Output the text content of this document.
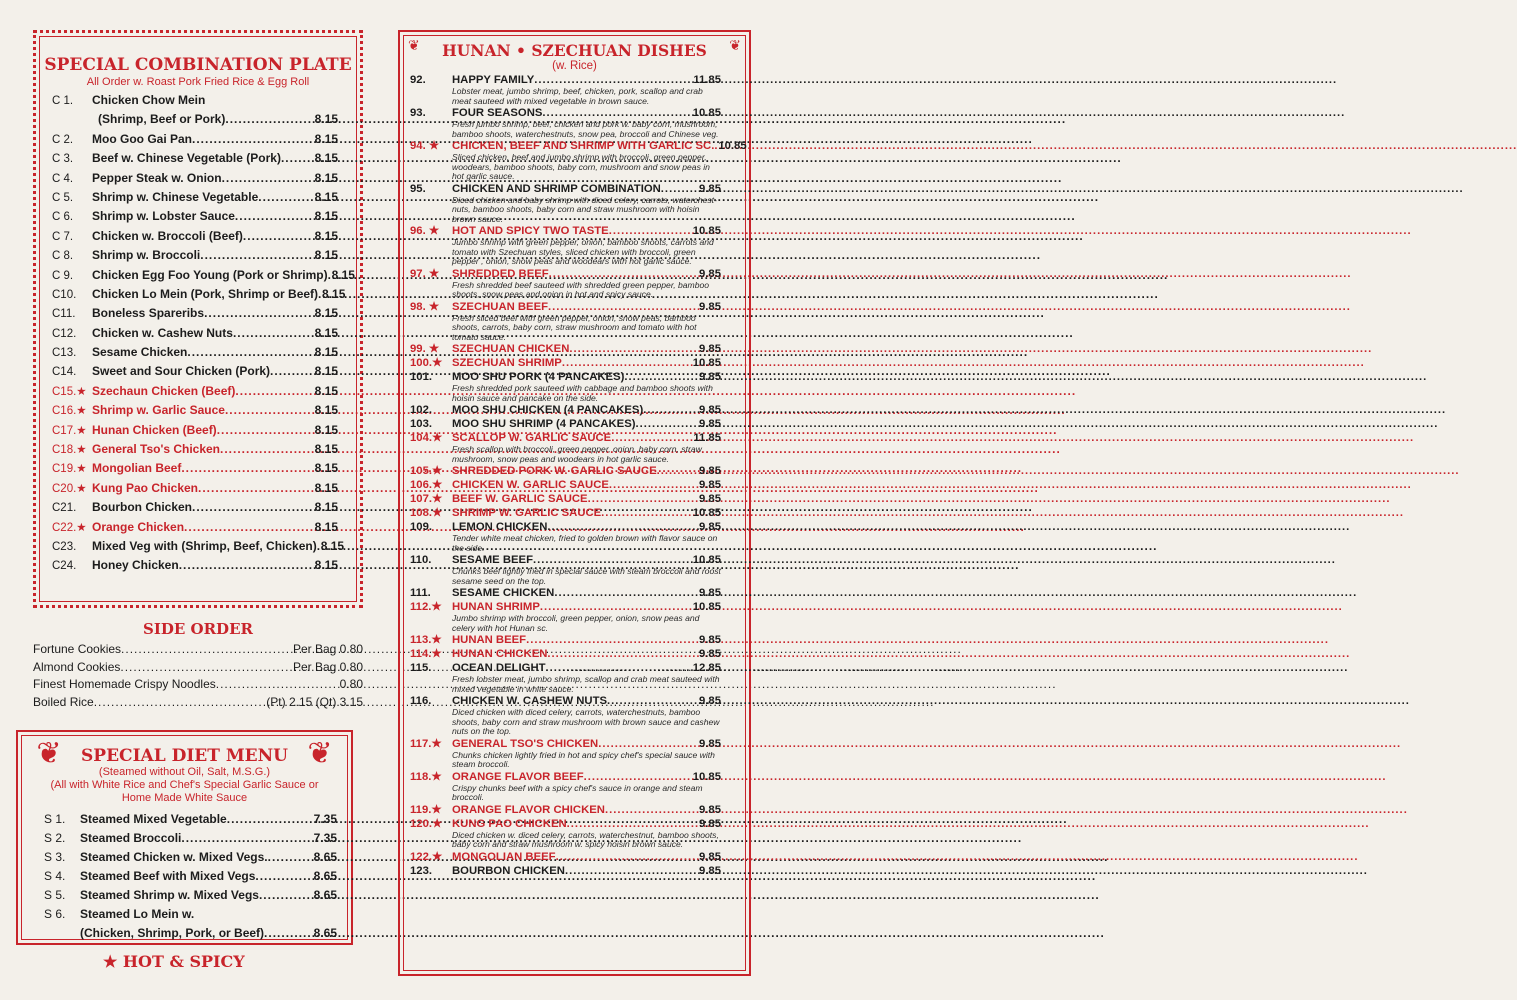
SPECIAL COMBINATION PLATE
All Order w. Roast Pork Fried Rice & Egg Roll
C 1.	Chicken Chow Mein
(Shrimp, Beef or Pork) .....	8.15
C 2.	Moo Goo Gai Pan .....	8.15
C 3.	Beef w. Chinese Vegetable (Pork) .....	8.15
C 4.	Pepper Steak w. Onion .....	8.15
C 5.	Shrimp w. Chinese Vegetable .....	8.15
C 6.	Shrimp w. Lobster Sauce .....	8.15
C 7.	Chicken w. Broccoli (Beef) .....	8.15
C 8.	Shrimp w. Broccoli .....	8.15
C 9.	Chicken Egg Foo Young (Pork or Shrimp) ..... 8.15
C10.	Chicken Lo Mein (Pork, Shrimp or Beef) ..... 8.15
C11.	Boneless Spareribs .....	8.15
C12.	Chicken w. Cashew Nuts .....	8.15
C13.	Sesame Chicken .....	8.15
C14.	Sweet and Sour Chicken (Pork) .....	8.15
C15.★ Szechaun Chicken (Beef) .....	8.15
C16.★ Shrimp w. Garlic Sauce .....	8.15
C17.★ Hunan Chicken (Beef) .....	8.15
C18.★ General Tso's Chicken .....	8.15
C19.★ Mongolian Beef .....	8.15
C20.★ Kung Pao Chicken .....	8.15
C21.	Bourbon Chicken .....	8.15
C22.★ Orange Chicken .....	8.15
C23.	Mixed Veg with (Shrimp, Beef, Chicken) ..... 8.15
C24.	Honey Chicken .....	8.15
SIDE ORDER
Fortune Cookies .....	Per Bag 0.80
Almond Cookies .....	Per Bag 0.80
Finest Homemade Crispy Noodles .....	0.80
Boiled Rice .....	(Pt) 2.15 (Qt) 3.15
❦	❦
SPECIAL DIET MENU
(Steamed without Oil, Salt, M.S.G.)
(All with White Rice and Chef's Special Garlic Sauce or
Home Made White Sauce
S 1.	Steamed Mixed Vegetable .....	7.35
S 2.	Steamed Broccoli .....	7.35
S 3.	Steamed Chicken w. Mixed Vegs. .....	8.65
S 4.	Steamed Beef with Mixed Vegs .....	8.65
S 5.	Steamed Shrimp w. Mixed Vegs .....	8.65
S 6.	Steamed Lo Mein w.
(Chicken, Shrimp, Pork, or Beef) .....	8.65
★ HOT & SPICY
❦	❦
HUNAN • SZECHUAN DISHES
(w. Rice)
92.	HAPPY FAMILY .....	11.85
Lobster meat, jumbo shrimp, beef, chicken, pork, scallop and crab meat sauteed with mixed vegetable in brown sauce.
93.	FOUR SEASONS .....	10.85
Fresh jumbo shrimp, beef, chicken and pork w. baby corn, mushroom, bamboo shoots, waterchestnuts, snow pea, broccoli and Chinese veg.
94. ★	CHICKEN, BEEF AND SHRIMP WITH GARLIC SC. ..... 10.85
Sliced chicken, beef and jumbo shrimp with broccoli, green pepper, woodears, bamboo shoots, baby corn, mushroom and snow peas in hot garlic sauce.
95.	CHICKEN AND SHRIMP COMBINATION .....	9.85
Diced chicken and baby shrimp with diced celery, carrots, waterchest-nuts, bamboo shoots, baby corn and straw mushroom with hoisin brown sauce.
96. ★	HOT AND SPICY TWO TASTE .....	10.85
Jumbo shrimp with green pepper, onion, bamboo shoots, carrots and tomato with Szechuan styles, sliced chicken with broccoli, green pepper , onion, snow peas and woodears with hot garlic sauce.
97. ★	SHREDDED BEEF .....	9.85
Fresh shredded beef sauteed with shredded green pepper, bamboo shoots, snow peas and onion in hot and spicy sauce.
98. ★	SZECHUAN BEEF .....	9.85
Fresh sliced beef with green pepper, onion, snow peas, bamboo shoots, carrots, baby corn, straw mushroom and tomato with hot tomato sauce.
99. ★	SZECHUAN CHICKEN .....	9.85
100.★ SZECHUAN SHRIMP .....	10.85
101.	MOO SHU PORK (4 PANCAKES) .....	9.85
Fresh shredded pork sauteed with cabbage and bamboo shoots with hoisin sauce and pancake on the side.
102.	MOO SHU CHICKEN (4 PANCAKES) .....	9.85
103.	MOO SHU SHRIMP (4 PANCAKES) .....	9.85
104.★ SCALLOP W. GARLIC SAUCE .....	11.85
Fresh scallop with broccoli, green pepper, onion, baby corn, straw mushroom, snow peas and woodears in hot garlic sauce.
105.★ SHREDDED PORK W. GARLIC SAUCE .....	9.85
106.★ CHICKEN W. GARLIC SAUCE .....	9.85
107.★ BEEF W. GARLIC SAUCE .....	9.85
108.★ SHRIMP W. GARLIC SAUCE .....	10.85
109.	LEMON CHICKEN .....	9.85
Tender white meat chicken, fried to golden brown with flavor sauce on the side.
110.	SESAME BEEF .....	10.85
Chunks beef lightly fried in special sauce with steam broccoli and roost sesame seed on the top.
111.	SESAME CHICKEN .....	9.85
112.★ HUNAN SHRIMP .....	10.85
Jumbo shrimp with broccoli, green pepper, onion, snow peas and celery with hot Hunan sc.
113.★ HUNAN BEEF .....	9.85
114.★ HUNAN CHICKEN .....	9.85
115.	OCEAN DELIGHT .....	12.85
Fresh lobster meat, jumbo shrimp, scallop and crab meat sauteed with mixed vegetable in white sauce.
116.	CHICKEN W. CASHEW NUTS .....	9.85
Diced chicken with diced celery, carrots, waterchestnuts, bamboo shoots, baby corn and straw mushroom with brown sauce and cashew nuts on the top.
117.★ GENERAL TSO'S CHICKEN .....	9.85
Chunks chicken lightly fried in hot and spicy chef's special sauce with steam broccoli.
118.★ ORANGE FLAVOR BEEF .....	10.85
Crispy chunks beef with a spicy chef's sauce in orange and steam broccoli.
119.★ ORANGE FLAVOR CHICKEN .....	9.85
120.★ KUNG PAO CHICKEN .....	9.85
Diced chicken w. diced celery, carrots, waterchestnut, bamboo shoots, baby corn and straw mushroom w. spicy hoisin brown sauce.
122.★ MONGOLIAN BEEF .....	9.85
123.	BOURBON CHICKEN .....	9.85
